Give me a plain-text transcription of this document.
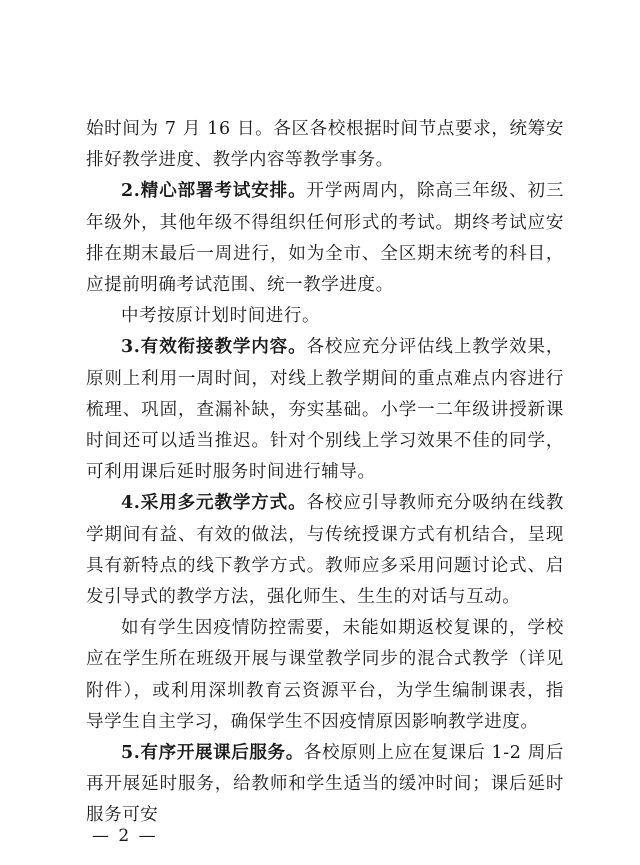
始时间为 7 月 16 日。各区各校根据时间节点要求，统筹安排好教学进度、教学内容等教学事务。

2.精心部署考试安排。开学两周内，除高三年级、初三年级外，其他年级不得组织任何形式的考试。期终考试应安排在期末最后一周进行，如为全市、全区期末统考的科目，应提前明确考试范围、统一教学进度。

中考按原计划时间进行。

3.有效衔接教学内容。各校应充分评估线上教学效果，原则上利用一周时间，对线上教学期间的重点难点内容进行梳理、巩固，查漏补缺，夯实基础。小学一二年级讲授新课时间还可以适当推迟。针对个别线上学习效果不佳的同学，可利用课后延时服务时间进行辅导。

4.采用多元教学方式。各校应引导教师充分吸纳在线教学期间有益、有效的做法，与传统授课方式有机结合，呈现具有新特点的线下教学方式。教师应多采用问题讨论式、启发引导式的教学方法，强化师生、生生的对话与互动。

如有学生因疫情防控需要，未能如期返校复课的，学校应在学生所在班级开展与课堂教学同步的混合式教学（详见附件），或利用深圳教育云资源平台，为学生编制课表，指导学生自主学习，确保学生不因疫情原因影响教学进度。

5.有序开展课后服务。各校原则上应在复课后 1-2 周后再开展延时服务，给教师和学生适当的缓冲时间；课后延时服务可安

— 2 —
